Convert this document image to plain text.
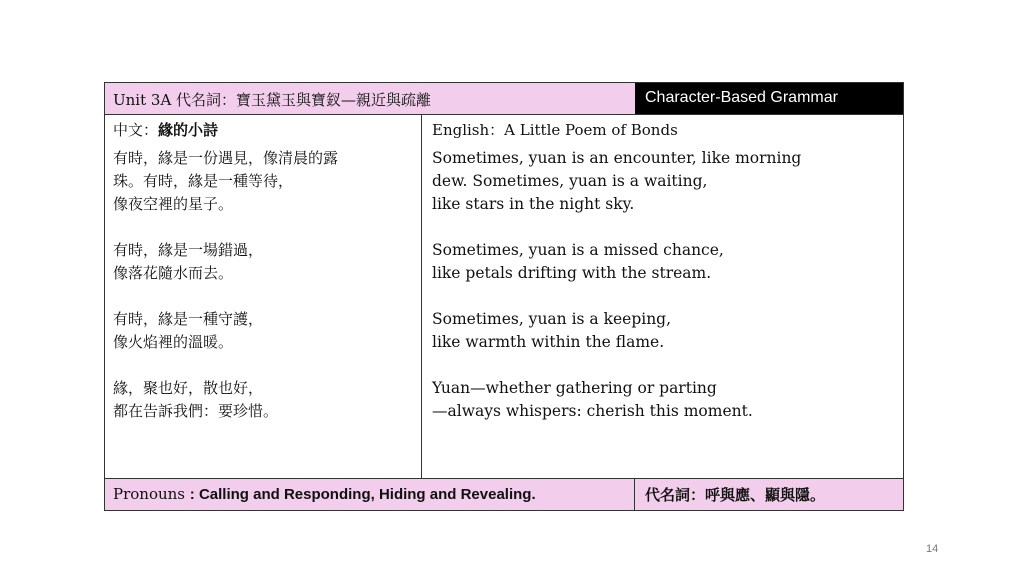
Unit 3A 代名詞：寶玉黛玉與寶釵—親近與疏離	Character-Based Grammar
中文：緣的小詩
有時，緣是一份遇見，像清晨的露
珠。有時，緣是一種等待，
像夜空裡的星子。
有時，緣是一場錯過，
像落花隨水而去。
有時，緣是一種守護，
像火焰裡的溫暖。
緣，聚也好，散也好，
都在告訴我們：要珍惜。
English：A Little Poem of Bonds
Sometimes, yuan is an encounter, like morning
dew. Sometimes, yuan is a waiting,
like stars in the night sky.
Sometimes, yuan is a missed chance,
like petals drifting with the stream.
Sometimes, yuan is a keeping,
like warmth within the flame.
Yuan—whether gathering or parting
—always whispers: cherish this moment.
Pronouns : Calling and Responding, Hiding and Revealing.	代名詞：呼與應、顯與隱。
14
